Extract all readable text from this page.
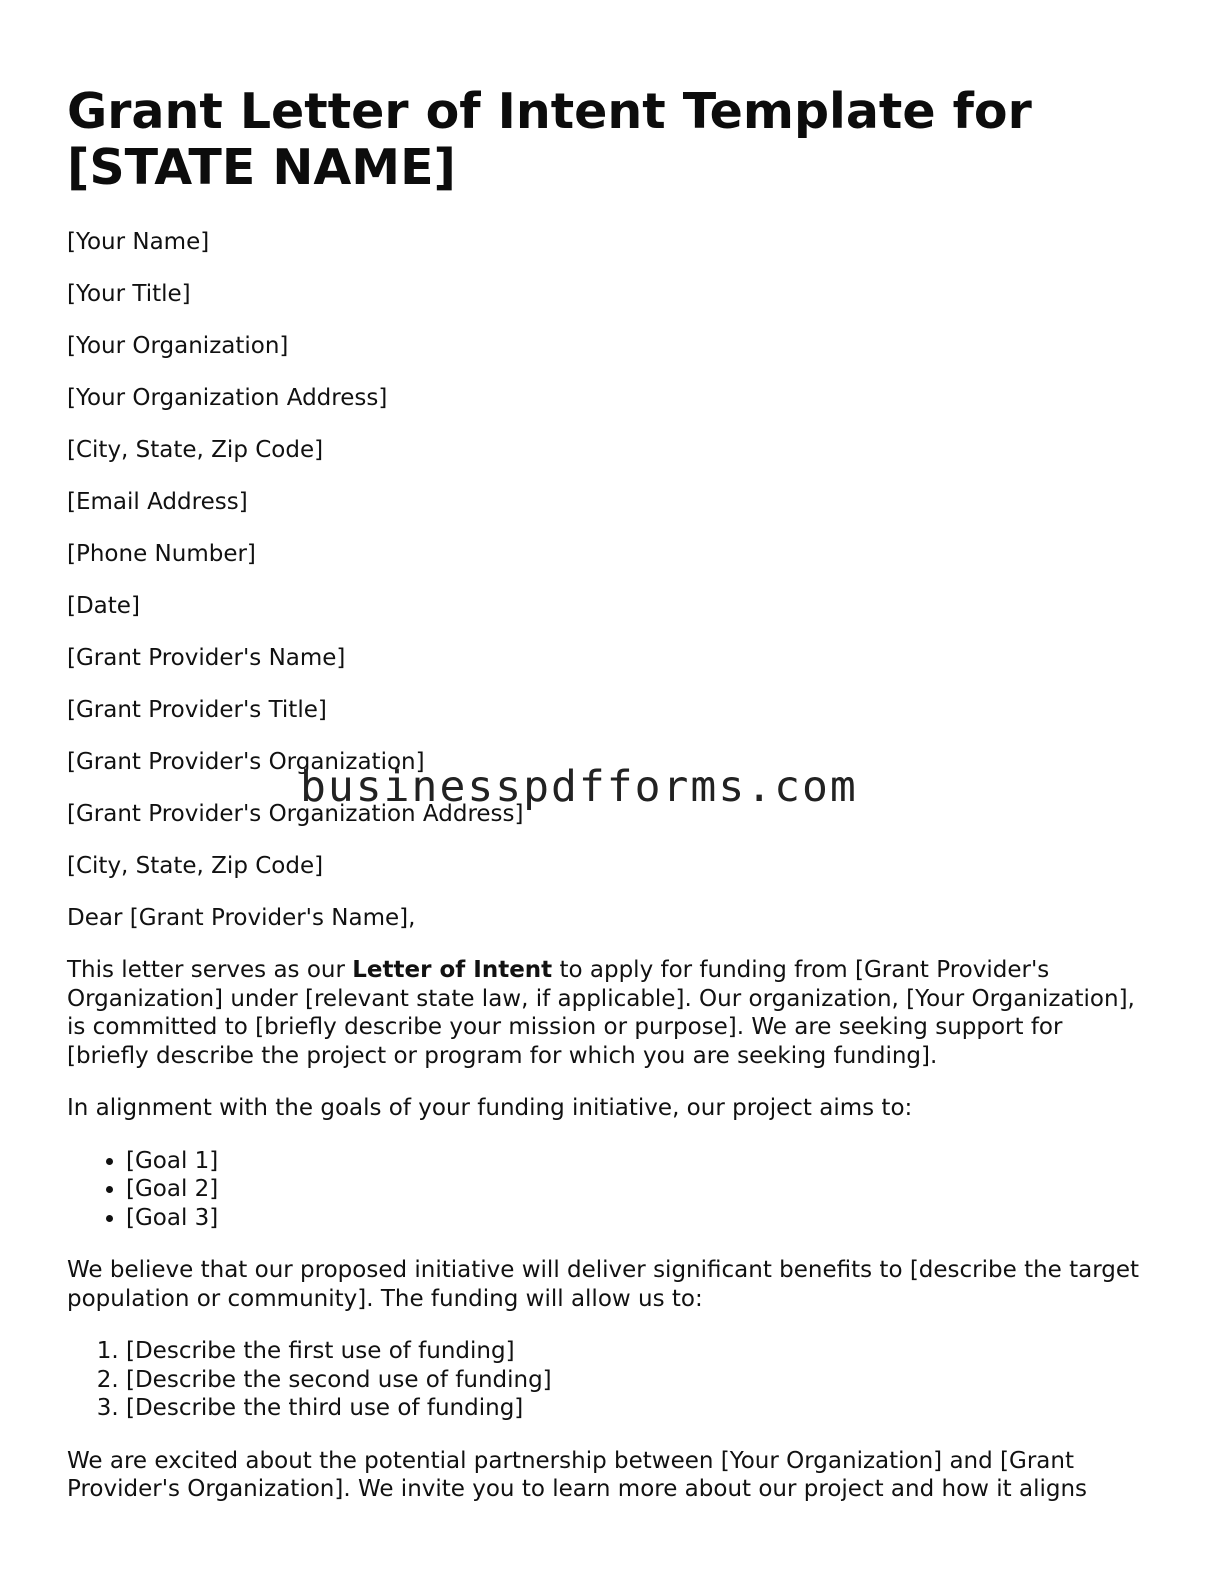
Grant Letter of Intent Template for [STATE NAME]
[Your Name]
[Your Title]
[Your Organization]
[Your Organization Address]
[City, State, Zip Code]
[Email Address]
[Phone Number]
[Date]
[Grant Provider's Name]
[Grant Provider's Title]
[Grant Provider's Organization]
[Grant Provider's Organization Address]
[City, State, Zip Code]
Dear [Grant Provider's Name],

This letter serves as our Letter of Intent to apply for funding from [Grant Provider's Organization] under [relevant state law, if applicable]. Our organization, [Your Organization], is committed to [briefly describe your mission or purpose]. We are seeking support for [briefly describe the project or program for which you are seeking funding].

In alignment with the goals of your funding initiative, our project aims to:

• [Goal 1]
• [Goal 2]
• [Goal 3]

We believe that our proposed initiative will deliver significant benefits to [describe the target population or community]. The funding will allow us to:

1. [Describe the first use of funding]
2. [Describe the second use of funding]
3. [Describe the third use of funding]

We are excited about the potential partnership between [Your Organization] and [Grant Provider's Organization]. We invite you to learn more about our project and how it aligns

businesspdfforms.com
